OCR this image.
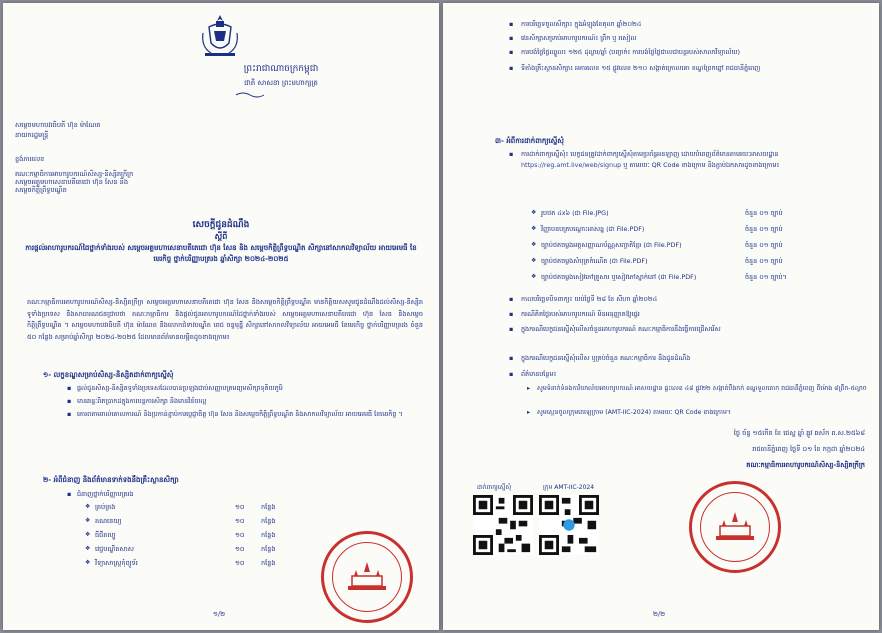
ព្រះរាជាណាចក្រកម្ពុជា
ជាតិ សាសនា ព្រះមហាក្សត្រ
សម្តេចមហាបវរធិបតី ហ៊ុន ម៉ាណែត
នាយករដ្ឋមន្ត្រី
ខ្ទង់ភារលេខ
គណៈកម្មាធិការអាហារូបករណ៍សិស្ស-និស្សិតក្រីក្រ
សម្ដេចអគ្គមហាសេនាបតីតេជោ ហ៊ុន សែន និង
សម្ដេចកិត្តិព្រឹទ្ធបណ្ឌិត
សេចក្តីជូនដំណឹង
ស្តីពី
ការផ្តល់អាហារូបករណ៍ដៃថ្នាក់ទាំងរបស់ សម្តេចអគ្គមហាសេនាបតីតេជោ ហ៊ុន សែន និង សម្តេចកិត្តិព្រឹទ្ធបណ្ឌិត សិក្សានៅសាកលវិទ្យាល័យ អាយអេមធី ខែមេរកិច្ច ថ្នាក់បរិញ្ញាបត្ររង ឆ្នាំសិក្សា ២០២៤-២០២៥
គណៈកម្មាធិការអាហារូបករណ៍សិស្ស-និស្សិតក្រីក្រ សម្ដេចអគ្គមហាសេនាបតីតេជោ ហ៊ុន សែន និងសម្ដេចកិត្តិព្រឹទ្ធបណ្ឌិត មានកិត្តិយសសូមជូនដំណឹងដល់សិស្ស-និស្សិតទូទាំងប្រទេស និងសាធារណជនជ្រាបថា គណៈកម្មាធិការ និងផ្តល់ជូនអាហារូបករណ៍ដៃថ្នាក់ទាំងរបស់ សម្ដេចអគ្គមហាសេនាបតីតេជោ ហ៊ុន សែន និងសម្ដេចកិត្តិព្រឹទ្ធបណ្ឌិត ។ សម្ដេចមហាបវរធិបតី ហ៊ុន ម៉ាណែត និងលោកជំទាវបណ្ឌិត ពេជ ចន្ទមុន្នី សិក្សានៅសាកលវិទ្យាល័យ អាយអេមធី ខែមេរកិច្ច ថ្នាក់បរិញ្ញាបត្ររង ចំនួន ៥០ កន្លែង សម្រាប់ឆ្នាំសិក្សា ២០២៤-២០២៥ ដែលមានព័ត៌មានលម្អិតដូចខាងក្រោម៖
១- លក្ខខណ្ឌសម្រាប់សិស្ស-និស្សិតដាក់ពាក្យស្នើសុំ
▪ ផ្តល់ជូនសិស្ស-និស្សិតទូទាំងប្រទេសដែលបានប្រឡងជាប់សញ្ញាបត្រមធ្យមសិក្សាទុតិយភូមិ
▪ មានឆន្ទៈពិតប្រាកដក្នុងការបន្តការសិក្សា និងមានវិន័យល្អ
▪ គោរពតាមរាល់គោលការណ៍ និងប្រកាន់ខ្ជាប់ការប្តេជ្ញាចិត្ត ហ៊ុន សែន និងសម្ដេចកិត្តិព្រឹទ្ធបណ្ឌិត និងសាកលវិទ្យាល័យ អាយអេមធី ខែមេរកិច្ច ។
២- អំពីជំនាញ និងព័ត៌មានទាក់ទងនឹងគ្រឹះស្ថានសិក្សា
▪ ជំនាញថ្នាក់បរិញ្ញាបត្ររង
❖ គ្រប់គ្រង	១០	កន្លែង
❖ គណនេយ្យ	១០	កន្លែង
❖ ធីជីតល្បូ	១០	កន្លែង
❖ វេជ្ជបណ្ឌិតសាស	១០	កន្លែង
❖ វិទ្យាសាស្ត្រកុំព្យូទ័រ	១០	កន្លែង
១/២
▪ ការបរិច្ឆេទចូលសិក្សា៖ ក្នុងអំឡុងខែតុលា ឆ្នាំ២០២៤
▪ វេនសិក្សាសម្រាប់អាហារូបករណ៍៖ ព្រឹក ឬ រសៀល
▪ ការបង់ថ្លៃថ្លៃឈ្នួល៖ ១២៥ ដុល្លារ/ឆ្នាំ (បញ្ចាក់៖ ការបង់ថ្លៃថ្លៃជាលជាបន្តរបស់សាលាវិទ្យាល័យ)
▪ ទីតាំងគ្រឹះស្ថានសិក្សា៖ អគារលេខ ១៥ ផ្លូវលេខ ២១០ សង្កាត់ក្រោលគោ ខណ្ឌព្រែកព្នៅ រាជធានីភ្នំពេញ
៣- អំពីការដាក់ពាក្យស្នើសុំ
▪ ការដាក់ពាក្យស្នើសុំ៖ បេក្ខជនត្រូវដាក់ពាក្យស្នើសុំតាមប្រព័ន្ធអនឡាញ ដោយបំពេញព័ត៌មានតាមរយៈអាសយដ្ឋាន https://reg.amt.live/web/signup ឬ តាមរយៈ QR Code ខាងក្រោម និងភ្ជាប់ឯកសារដូចខាងក្រោម៖
❖ រូបថត ៤x៦ (ជា File.JPG)	ចំនួន ០១ ច្បាប់
❖ វិញ្ញាបនបត្របណ្ដោះអាសន្ន (ជា File.PDF)	ចំនួន ០១ ច្បាប់
❖ ច្បាប់ថតចម្លងអត្តសញ្ញាណប័ណ្ណសញ្ជាតិខ្មែរ (ជា File.PDF)	ចំនួន ០១ ច្បាប់
❖ ច្បាប់ថតចម្លងសំបុត្រកំណើត (ជា File.PDF)	ចំនួន ០១ ច្បាប់
❖ ច្បាប់ថតចម្លងសៀវភៅគ្រួសារ ឬសៀវភៅស្នាក់នៅ (ជា File.PDF)	ចំនួន ០១ ច្បាប់។
▪ កាលបរិច្ឆេទបិទពាក្យ៖ យប់ថ្ងៃទី ២៨ ខែ សីហា ឆ្នាំ២០២៤
▪ ករណីគិតថ្លៃរបស់អាហារូបករណ៍ មិនអនុញ្ញាតឱ្យផ្ទេរ
▪ ក្នុងករណីបេក្ខជនស្នើសុំលើសចំនួនអាហារូបករណ៍ គណៈកម្មាធិការនឹងធ្វើការជ្រើសរើស
▪ ក្នុងករណីបេក្ខជនស្នើសុំលើស ឬគ្រប់ចំនួន គណៈកម្មាធិការ នឹងជូនដំណឹង
▪ ព័ត៌មានបន្ថែម៖
▸ សូមទំនាក់ទំនងការិយាល័យអាហារូបករណ៍ អាសយដ្ឋាន ផ្ទះលេខ ៤៨ ផ្លូវ២២ សង្កាត់បឹងកក់ ខណ្ឌទួលគោក រាជធានីភ្នំពេញ ពីម៉ោង ៨ព្រឹក-៥ល្ងាច
▸ សូមស្គេនចូលក្រុមតេឡេក្រាម (AMT-IIC-2024) តាមរយៈ QR Code ខាងក្រោម។
ថ្ងៃ ច័ន្ទ ១៥កើត ខែ ជេស្ឋ ឆ្នាំ ឆ្លូវ ឆស័ក ព.ស.២៥៦៨
រាជធានីភ្នំពេញ ថ្ងៃទី ០១ ខែ កក្កដា ឆ្នាំ២០២៤
គណៈកម្មាធិការអាហារូបករណ៍សិស្ស-និស្សិតក្រីក្រ
ដាក់ពាក្យស្នើសុំ	ក្រុម AMT-IIC-2024
២/២
